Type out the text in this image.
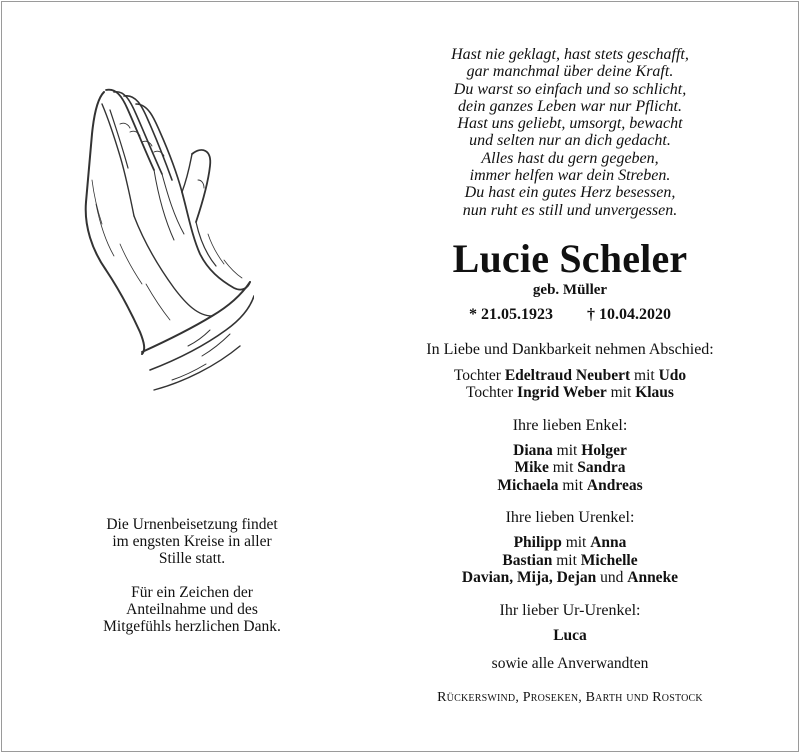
Die Urnenbeisetzung findet
im engsten Kreise in aller
Stille statt.

Für ein Zeichen der
Anteilnahme und des
Mitgefühls herzlichen Dank.

Hast nie geklagt, hast stets geschafft,
gar manchmal über deine Kraft.
Du warst so einfach und so schlicht,
dein ganzes Leben war nur Pflicht.
Hast uns geliebt, umsorgt, bewacht
und selten nur an dich gedacht.
Alles hast du gern gegeben,
immer helfen war dein Streben.
Du hast ein gutes Herz besessen,
nun ruht es still und unvergessen.
Lucie Scheler
geb. Müller
* 21.05.1923 † 10.04.2020
In Liebe und Dankbarkeit nehmen Abschied:
Tochter Edeltraud Neubert mit Udo
Tochter Ingrid Weber mit Klaus
Ihre lieben Enkel:
Diana mit Holger
Mike mit Sandra
Michaela mit Andreas
Ihre lieben Urenkel:
Philipp mit Anna
Bastian mit Michelle
Davian, Mija, Dejan und Anneke
Ihr lieber Ur-Urenkel:
Luca
sowie alle Anverwandten
Rückerswind, Proseken, Barth und Rostock
